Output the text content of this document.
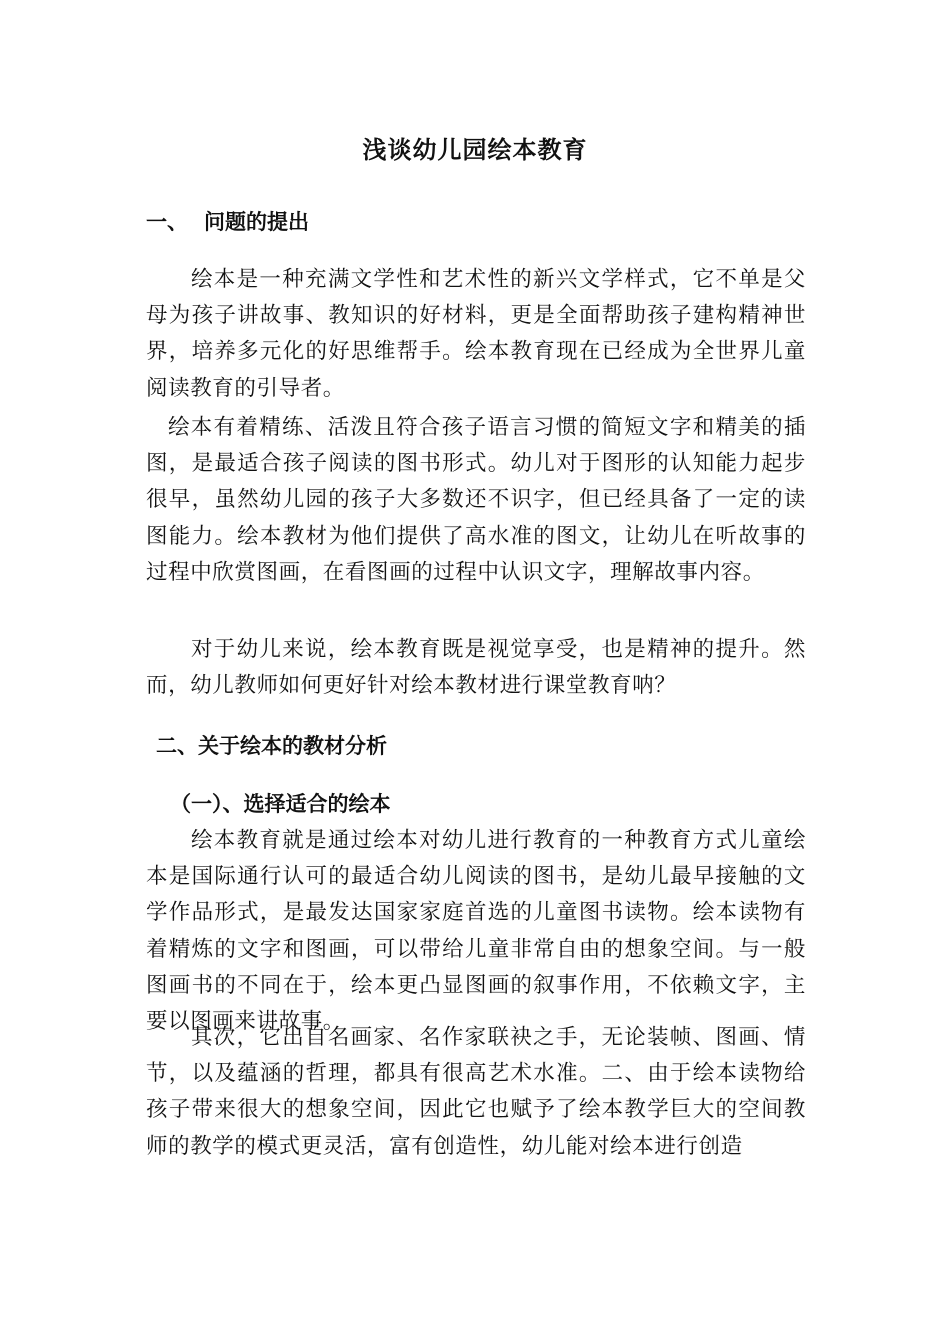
浅谈幼儿园绘本教育
一、 问题的提出

绘本是一种充满文学性和艺术性的新兴文学样式，它不单是父母为孩子讲故事、教知识的好材料，更是全面帮助孩子建构精神世界，培养多元化的好思维帮手。绘本教育现在已经成为全世界儿童阅读教育的引导者。

绘本有着精练、活泼且符合孩子语言习惯的简短文字和精美的插图，是最适合孩子阅读的图书形式。幼儿对于图形的认知能力起步很早，虽然幼儿园的孩子大多数还不识字，但已经具备了一定的读图能力。绘本教材为他们提供了高水准的图文，让幼儿在听故事的过程中欣赏图画，在看图画的过程中认识文字，理解故事内容。

对于幼儿来说，绘本教育既是视觉享受，也是精神的提升。然而，幼儿教师如何更好针对绘本教材进行课堂教育呐？

二、关于绘本的教材分析
（一）、选择适合的绘本

绘本教育就是通过绘本对幼儿进行教育的一种教育方式儿童绘本是国际通行认可的最适合幼儿阅读的图书，是幼儿最早接触的文学作品形式，是最发达国家家庭首选的儿童图书读物。绘本读物有着精炼的文字和图画，可以带给儿童非常自由的想象空间。与一般图画书的不同在于，绘本更凸显图画的叙事作用，不依赖文字，主要以图画来讲故事。

其次，它出自名画家、名作家联袂之手，无论装帧、图画、情节，以及蕴涵的哲理，都具有很高艺术水准。二、由于绘本读物给孩子带来很大的想象空间，因此它也赋予了绘本教学巨大的空间教师的教学的模式更灵活，富有创造性，幼儿能对绘本进行创造
